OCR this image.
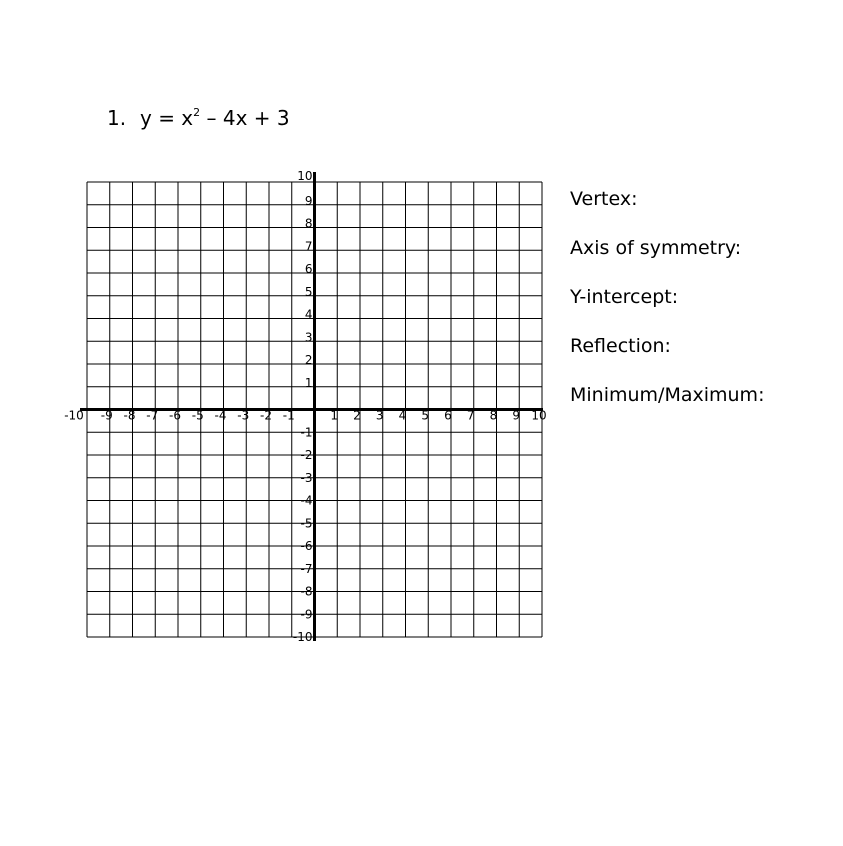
1. $y = x^2 - 4x + 3$
-10 -9 -8 -7 -6 -5 -4 -3 -2 -1	1 2 3 4 5 6 7 8 9 10
10
9
8
7
6
5
4
3
2
1
-1
-2
-3
-4
-5
-6
-7
-8
-9
-10
Vertex:
Axis of symmetry:
Y-intercept:
Reflection:
Minimum/Maximum:
